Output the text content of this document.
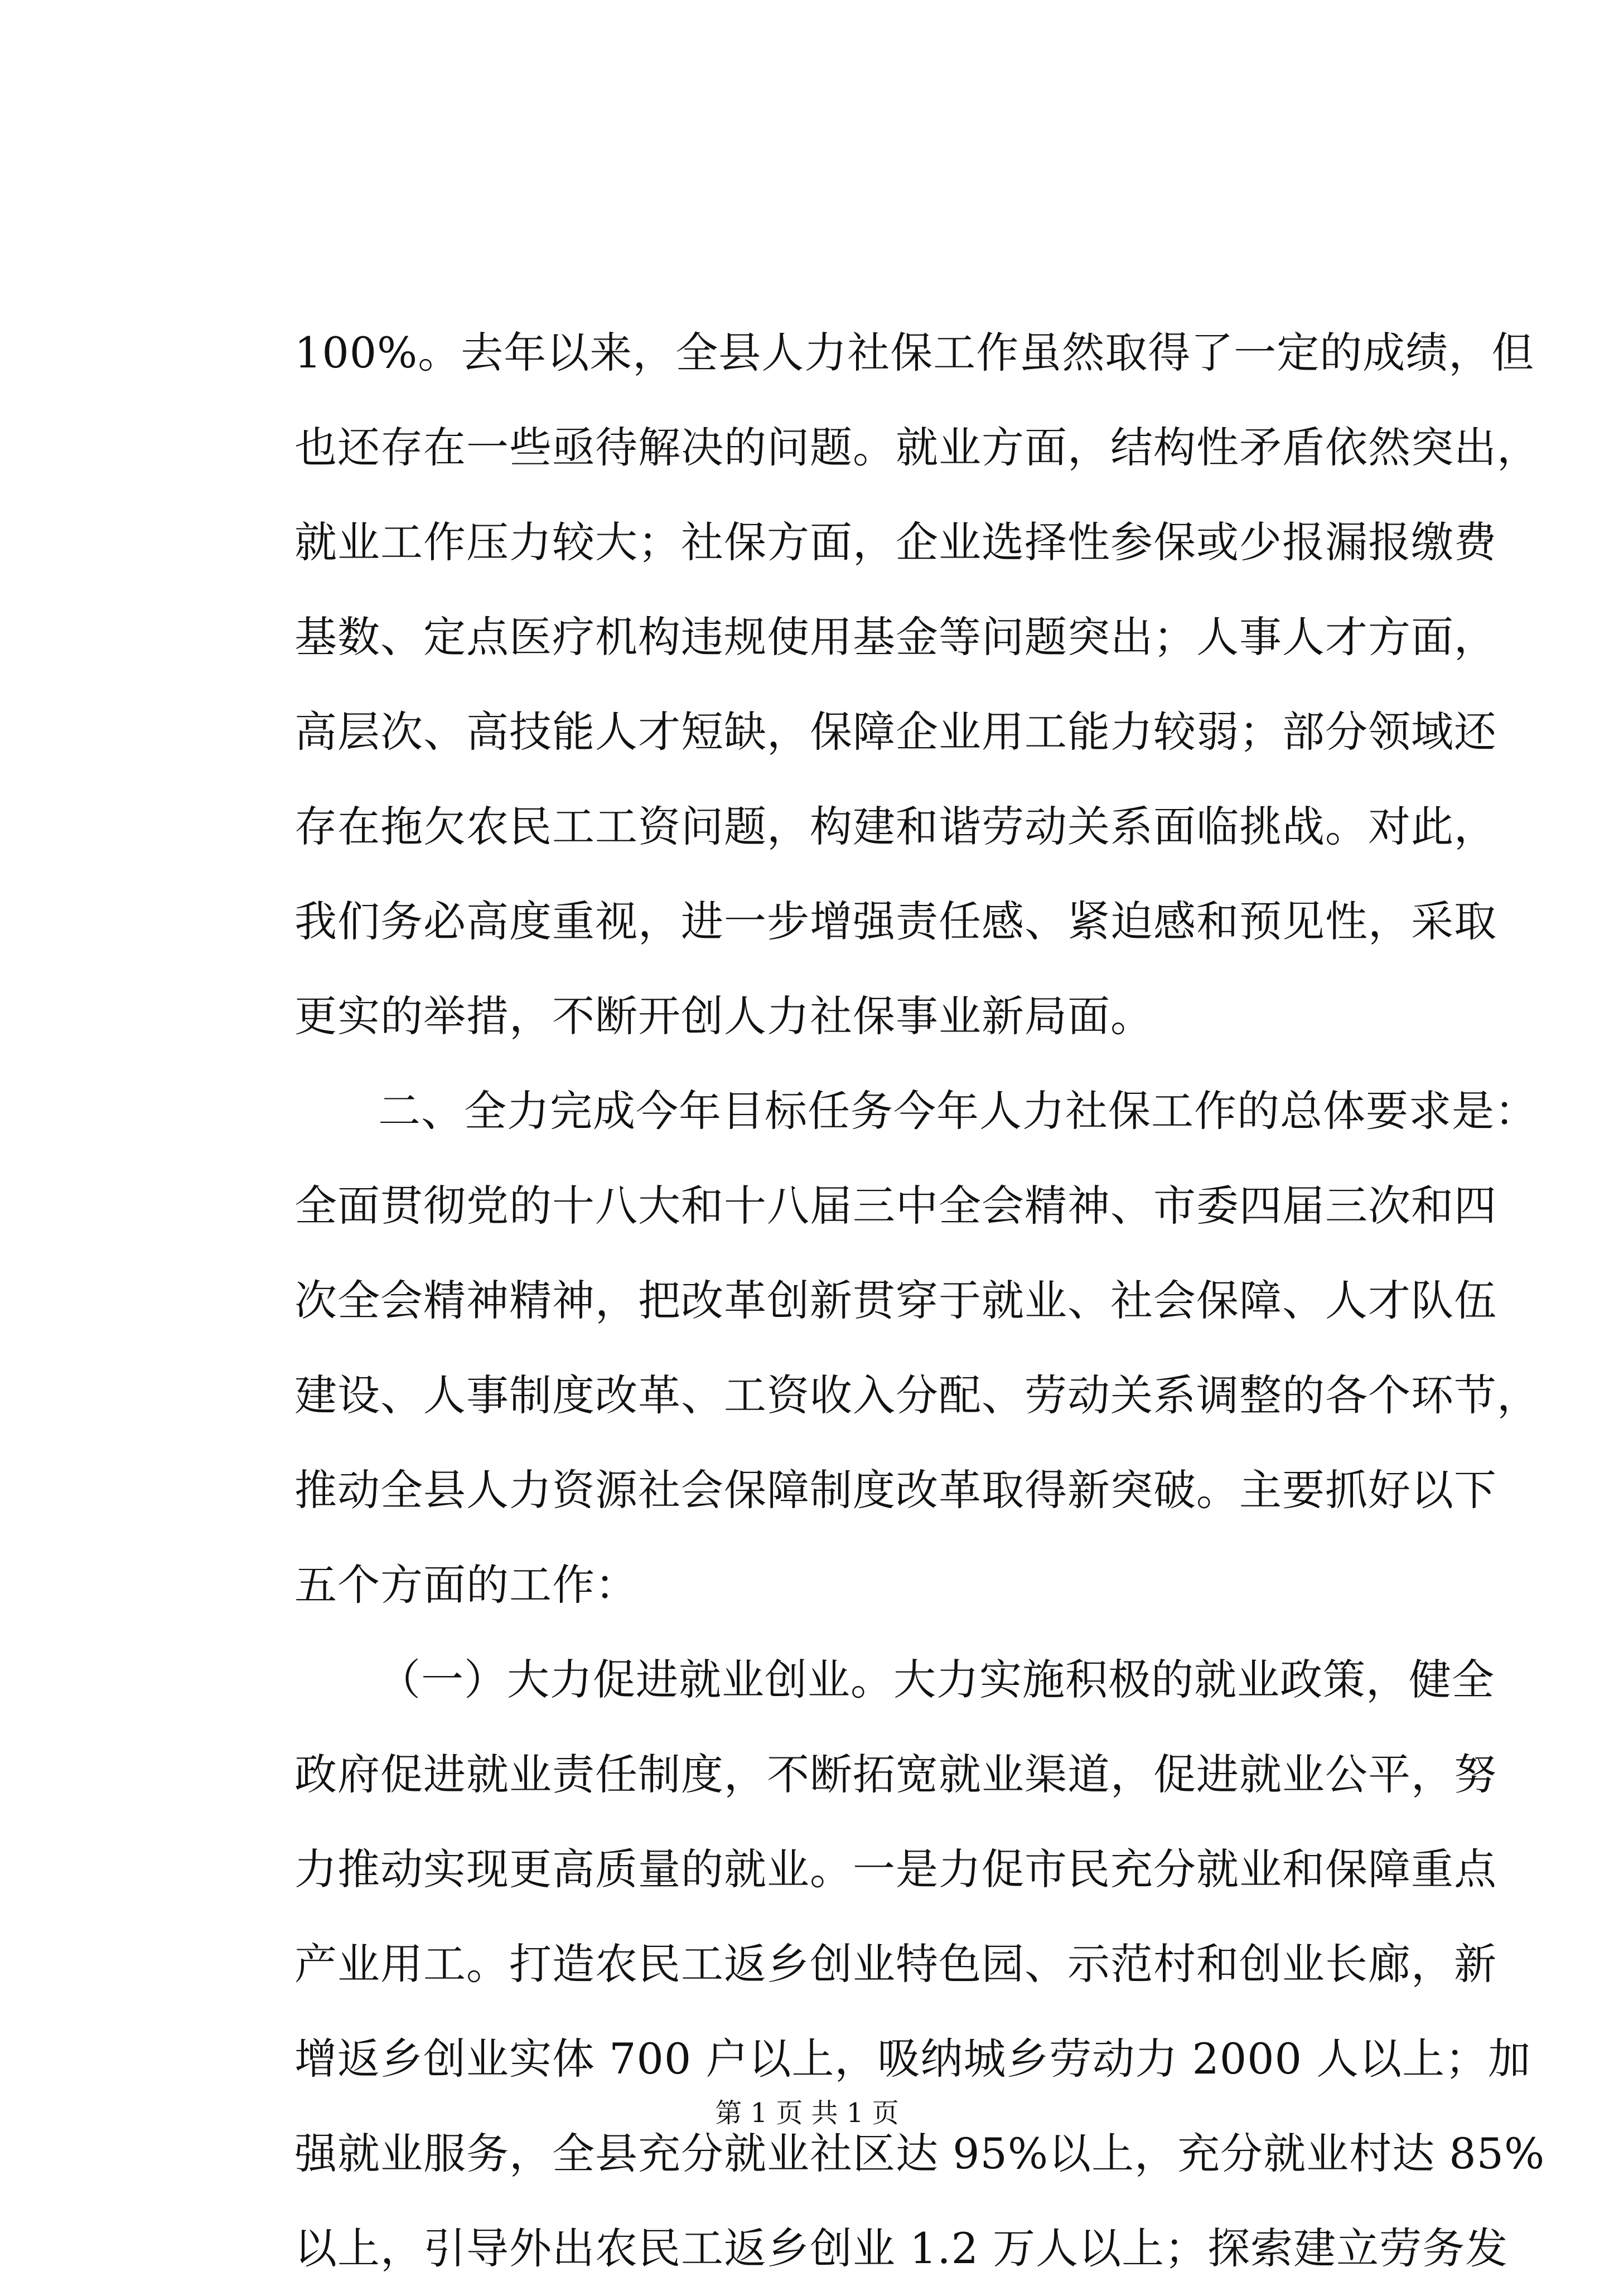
100%。去年以来，全县人力社保工作虽然取得了一定的成绩，但
也还存在一些亟待解决的问题。就业方面，结构性矛盾依然突出，
就业工作压力较大；社保方面，企业选择性参保或少报漏报缴费
基数、定点医疗机构违规使用基金等问题突出；人事人才方面，
高层次、高技能人才短缺，保障企业用工能力较弱；部分领域还
存在拖欠农民工工资问题，构建和谐劳动关系面临挑战。对此，
我们务必高度重视，进一步增强责任感、紧迫感和预见性，采取
更实的举措，不断开创人力社保事业新局面。
二、全力完成今年目标任务今年人力社保工作的总体要求是：
全面贯彻党的十八大和十八届三中全会精神、市委四届三次和四
次全会精神精神，把改革创新贯穿于就业、社会保障、人才队伍
建设、人事制度改革、工资收入分配、劳动关系调整的各个环节，
推动全县人力资源社会保障制度改革取得新突破。主要抓好以下
五个方面的工作：
（一）大力促进就业创业。大力实施积极的就业政策，健全
政府促进就业责任制度，不断拓宽就业渠道，促进就业公平，努
力推动实现更高质量的就业。一是力促市民充分就业和保障重点
产业用工。打造农民工返乡创业特色园、示范村和创业长廊，新
增返乡创业实体 700 户以上，吸纳城乡劳动力 2000 人以上；加
强就业服务，全县充分就业社区达 95%以上，充分就业村达 85%
以上，引导外出农民工返乡创业 1.2 万人以上；探索建立劳务发
第 1 页 共 1 页
